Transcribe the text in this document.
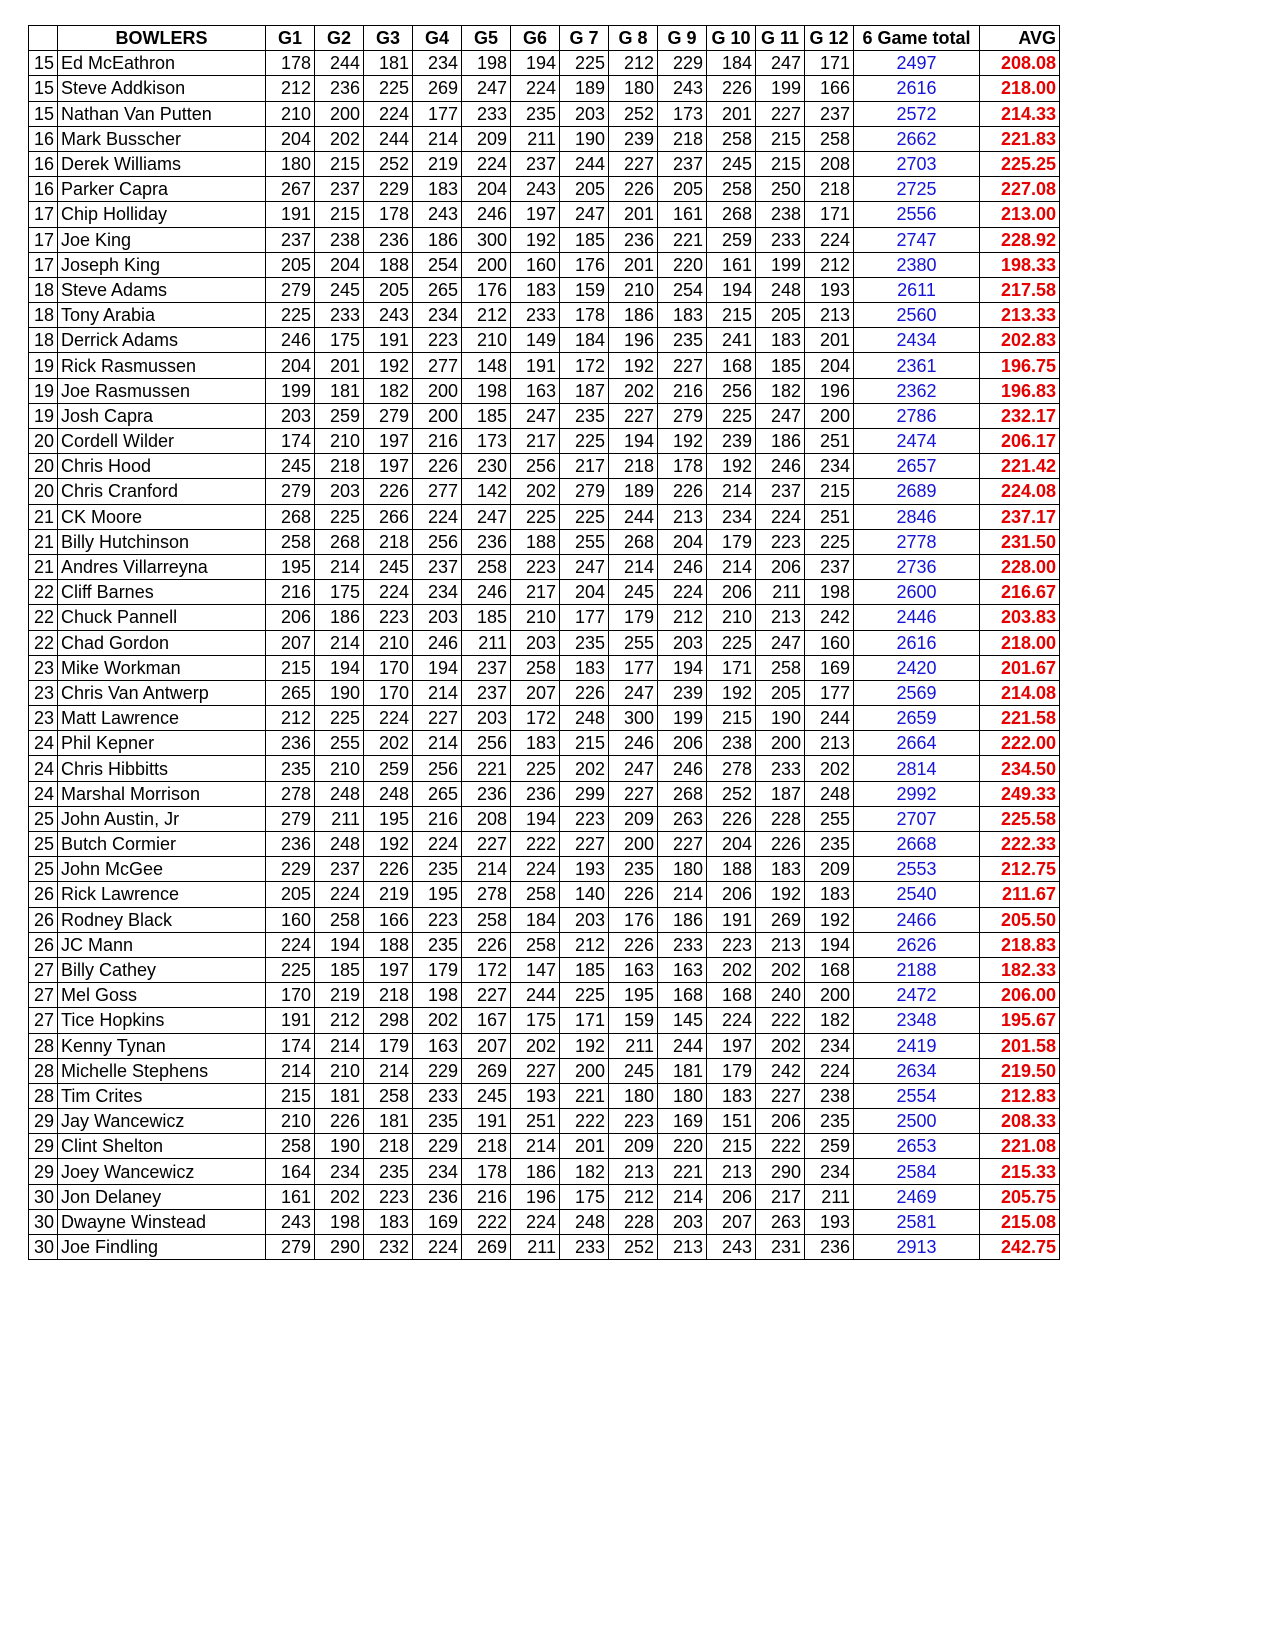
	BOWLERS	G1	G2	G3	G4	G5	G6	G 7	G 8	G 9	G 10	G 11	G 12	6 Game total	AVG
15	Ed McEathron	178	244	181	234	198	194	225	212	229	184	247	171	2497	208.08
15	Steve Addkison	212	236	225	269	247	224	189	180	243	226	199	166	2616	218.00
15	Nathan Van Putten	210	200	224	177	233	235	203	252	173	201	227	237	2572	214.33
16	Mark Busscher	204	202	244	214	209	211	190	239	218	258	215	258	2662	221.83
16	Derek Williams	180	215	252	219	224	237	244	227	237	245	215	208	2703	225.25
16	Parker Capra	267	237	229	183	204	243	205	226	205	258	250	218	2725	227.08
17	Chip Holliday	191	215	178	243	246	197	247	201	161	268	238	171	2556	213.00
17	Joe King	237	238	236	186	300	192	185	236	221	259	233	224	2747	228.92
17	Joseph King	205	204	188	254	200	160	176	201	220	161	199	212	2380	198.33
18	Steve Adams	279	245	205	265	176	183	159	210	254	194	248	193	2611	217.58
18	Tony Arabia	225	233	243	234	212	233	178	186	183	215	205	213	2560	213.33
18	Derrick Adams	246	175	191	223	210	149	184	196	235	241	183	201	2434	202.83
19	Rick Rasmussen	204	201	192	277	148	191	172	192	227	168	185	204	2361	196.75
19	Joe Rasmussen	199	181	182	200	198	163	187	202	216	256	182	196	2362	196.83
19	Josh Capra	203	259	279	200	185	247	235	227	279	225	247	200	2786	232.17
20	Cordell Wilder	174	210	197	216	173	217	225	194	192	239	186	251	2474	206.17
20	Chris Hood	245	218	197	226	230	256	217	218	178	192	246	234	2657	221.42
20	Chris Cranford	279	203	226	277	142	202	279	189	226	214	237	215	2689	224.08
21	CK Moore	268	225	266	224	247	225	225	244	213	234	224	251	2846	237.17
21	Billy Hutchinson	258	268	218	256	236	188	255	268	204	179	223	225	2778	231.50
21	Andres Villarreyna	195	214	245	237	258	223	247	214	246	214	206	237	2736	228.00
22	Cliff Barnes	216	175	224	234	246	217	204	245	224	206	211	198	2600	216.67
22	Chuck Pannell	206	186	223	203	185	210	177	179	212	210	213	242	2446	203.83
22	Chad Gordon	207	214	210	246	211	203	235	255	203	225	247	160	2616	218.00
23	Mike Workman	215	194	170	194	237	258	183	177	194	171	258	169	2420	201.67
23	Chris Van Antwerp	265	190	170	214	237	207	226	247	239	192	205	177	2569	214.08
23	Matt Lawrence	212	225	224	227	203	172	248	300	199	215	190	244	2659	221.58
24	Phil Kepner	236	255	202	214	256	183	215	246	206	238	200	213	2664	222.00
24	Chris Hibbitts	235	210	259	256	221	225	202	247	246	278	233	202	2814	234.50
24	Marshal Morrison	278	248	248	265	236	236	299	227	268	252	187	248	2992	249.33
25	John Austin, Jr	279	211	195	216	208	194	223	209	263	226	228	255	2707	225.58
25	Butch Cormier	236	248	192	224	227	222	227	200	227	204	226	235	2668	222.33
25	John McGee	229	237	226	235	214	224	193	235	180	188	183	209	2553	212.75
26	Rick Lawrence	205	224	219	195	278	258	140	226	214	206	192	183	2540	211.67
26	Rodney Black	160	258	166	223	258	184	203	176	186	191	269	192	2466	205.50
26	JC Mann	224	194	188	235	226	258	212	226	233	223	213	194	2626	218.83
27	Billy Cathey	225	185	197	179	172	147	185	163	163	202	202	168	2188	182.33
27	Mel Goss	170	219	218	198	227	244	225	195	168	168	240	200	2472	206.00
27	Tice Hopkins	191	212	298	202	167	175	171	159	145	224	222	182	2348	195.67
28	Kenny Tynan	174	214	179	163	207	202	192	211	244	197	202	234	2419	201.58
28	Michelle Stephens	214	210	214	229	269	227	200	245	181	179	242	224	2634	219.50
28	Tim Crites	215	181	258	233	245	193	221	180	180	183	227	238	2554	212.83
29	Jay Wancewicz	210	226	181	235	191	251	222	223	169	151	206	235	2500	208.33
29	Clint Shelton	258	190	218	229	218	214	201	209	220	215	222	259	2653	221.08
29	Joey Wancewicz	164	234	235	234	178	186	182	213	221	213	290	234	2584	215.33
30	Jon Delaney	161	202	223	236	216	196	175	212	214	206	217	211	2469	205.75
30	Dwayne Winstead	243	198	183	169	222	224	248	228	203	207	263	193	2581	215.08
30	Joe Findling	279	290	232	224	269	211	233	252	213	243	231	236	2913	242.75
